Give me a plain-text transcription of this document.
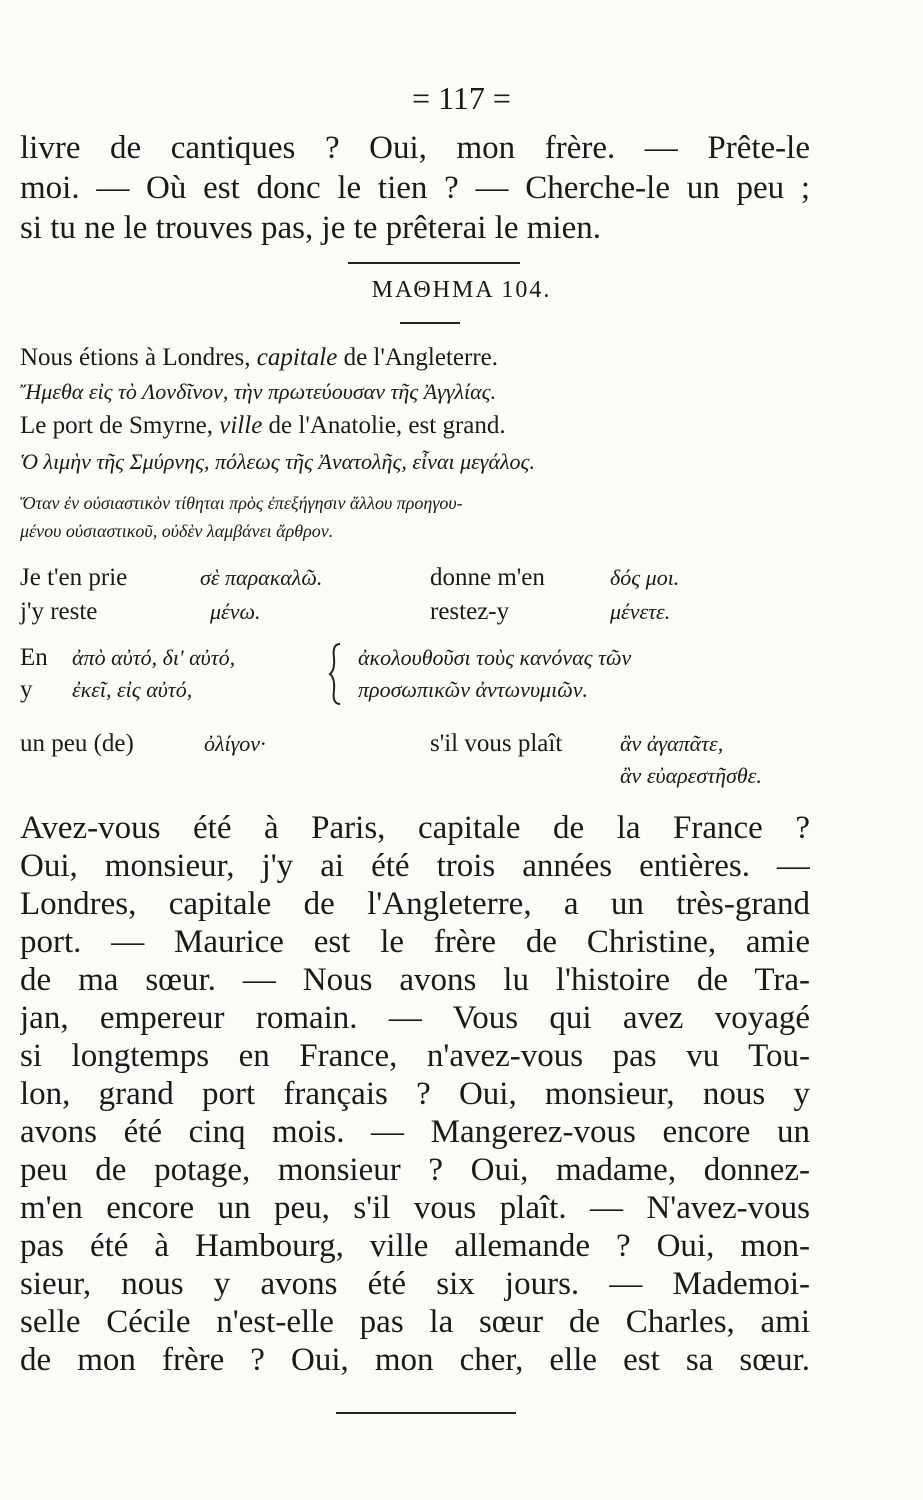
= 117 =
livre de cantiques ? Oui, mon frère. — Prête-le
moi. — Où est donc le tien ? — Cherche-le un peu ;
si tu ne le trouves pas, je te prêterai le mien.
ΜΑΘΗΜΑ 104.
Nous étions à Londres, capitale de l'Angleterre.
Ἤμεθα εἰς τὸ Λονδῖνον, τὴν πρωτεύουσαν τῆς Ἀγγλίας.
Le port de Smyrne, ville de l'Anatolie, est grand.
Ὁ λιμὴν τῆς Σμύρνης, πόλεως τῆς Ἀνατολῆς, εἶναι μεγάλος.
Ὅταν ἐν οὐσιαστικὸν τίθηται πρὸς ἐπεξήγησιν ἄλλου προηγου-
μένου οὐσιαστικοῦ, οὐδὲν λαμβάνει ἄρθρον.
Je t'en prie	σὲ παρακαλῶ.	donne m'en	δός μοι.
j'y reste	μένω.	restez-y	μένετε.
En ἀπὸ αὐτό, δι' αὐτό,
y ἐκεῖ, εἰς αὐτό,
ἀκολουθοῦσι τοὺς κανόνας τῶν
προσωπικῶν ἀντωνυμιῶν.
un peu (de)	ὀλίγον·	s'il vous plaît	ἂν ἀγαπᾶτε,
ἂν εὐαρεστῆσθε.
Avez-vous été à Paris, capitale de la France ?
Oui, monsieur, j'y ai été trois années entières. —
Londres, capitale de l'Angleterre, a un très-grand
port. — Maurice est le frère de Christine, amie
de ma sœur. — Nous avons lu l'histoire de Tra-
jan, empereur romain. — Vous qui avez voyagé
si longtemps en France, n'avez-vous pas vu Tou-
lon, grand port français ? Oui, monsieur, nous y
avons été cinq mois. — Mangerez-vous encore un
peu de potage, monsieur ? Oui, madame, donnez-
m'en encore un peu, s'il vous plaît. — N'avez-vous
pas été à Hambourg, ville allemande ? Oui, mon-
sieur, nous y avons été six jours. — Mademoi-
selle Cécile n'est-elle pas la sœur de Charles, ami
de mon frère ? Oui, mon cher, elle est sa sœur.
